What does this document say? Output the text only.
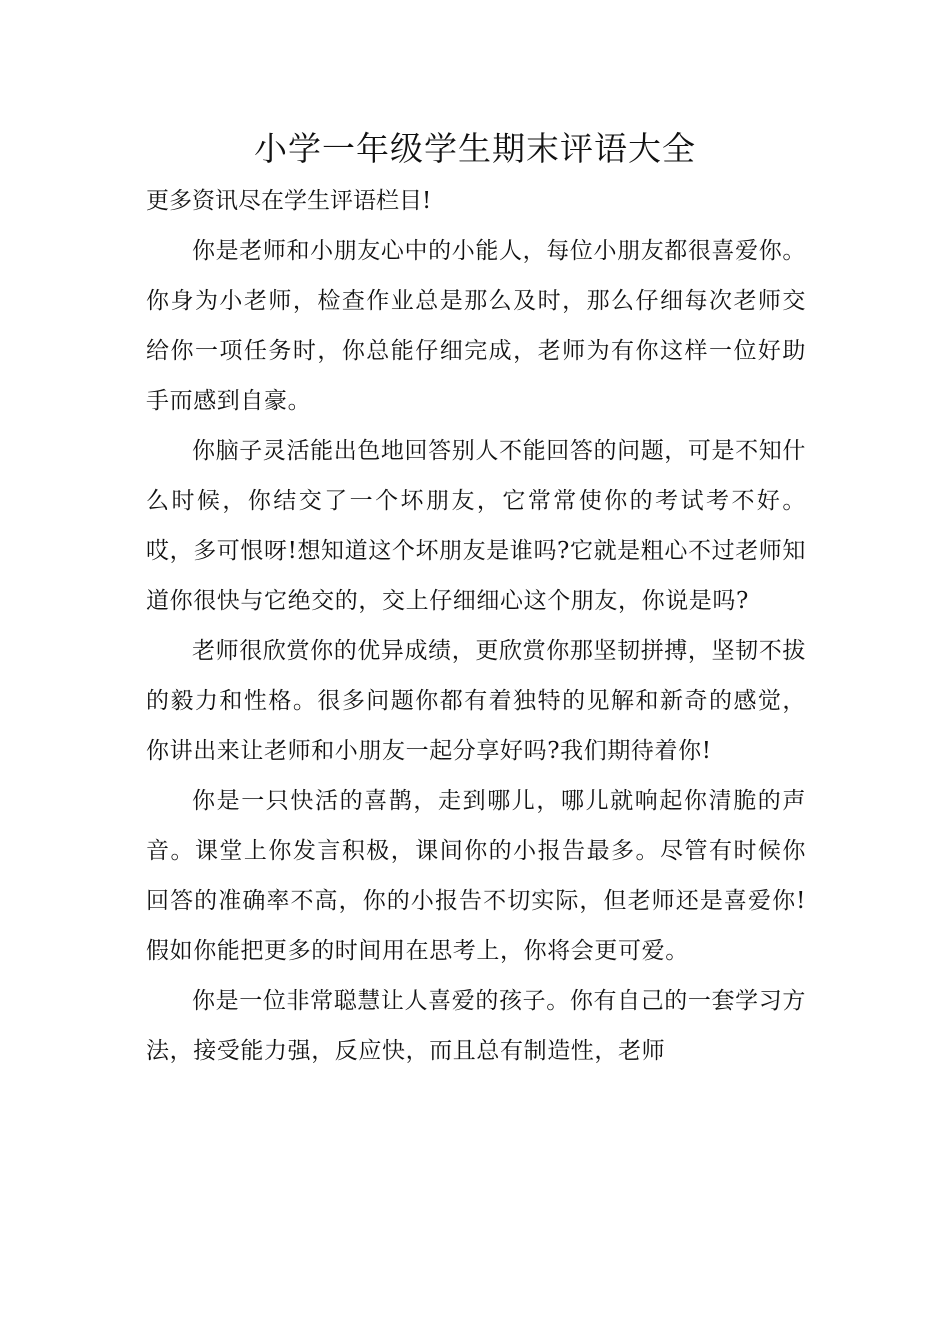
小学一年级学生期末评语大全

更多资讯尽在学生评语栏目!

你是老师和小朋友心中的小能人，每位小朋友都很喜爱你。你身为小老师，检查作业总是那么及时，那么仔细每次老师交给你一项任务时，你总能仔细完成，老师为有你这样一位好助手而感到自豪。

你脑子灵活能出色地回答别人不能回答的问题，可是不知什么时候，你结交了一个坏朋友，它常常使你的考试考不好。哎，多可恨呀!想知道这个坏朋友是谁吗?它就是粗心不过老师知道你很快与它绝交的，交上仔细细心这个朋友，你说是吗?

老师很欣赏你的优异成绩，更欣赏你那坚韧拼搏，坚韧不拔的毅力和性格。很多问题你都有着独特的见解和新奇的感觉，你讲出来让老师和小朋友一起分享好吗?我们期待着你!

你是一只快活的喜鹊，走到哪儿，哪儿就响起你清脆的声音。课堂上你发言积极，课间你的小报告最多。尽管有时候你回答的准确率不高，你的小报告不切实际，但老师还是喜爱你!假如你能把更多的时间用在思考上，你将会更可爱。

你是一位非常聪慧让人喜爱的孩子。你有自己的一套学习方法，接受能力强，反应快，而且总有制造性，老师
